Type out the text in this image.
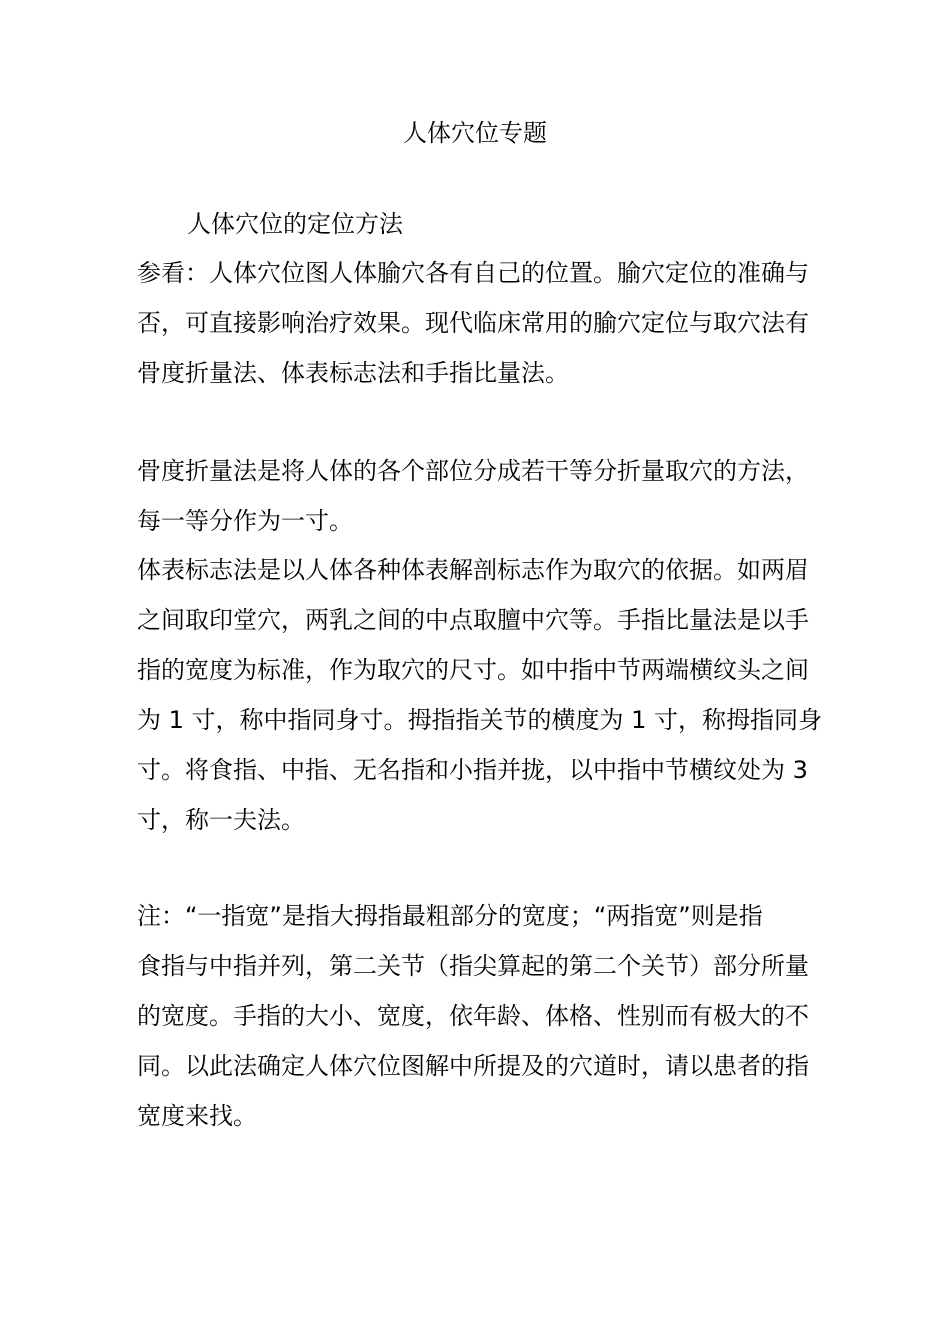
人体穴位专题
人体穴位的定位方法
参看：人体穴位图人体腧穴各有自己的位置。腧穴定位的准确与
否，可直接影响治疗效果。现代临床常用的腧穴定位与取穴法有
骨度折量法、体表标志法和手指比量法。
骨度折量法是将人体的各个部位分成若干等分折量取穴的方法，
每一等分作为一寸。
体表标志法是以人体各种体表解剖标志作为取穴的依据。如两眉
之间取印堂穴，两乳之间的中点取膻中穴等。手指比量法是以手
指的宽度为标准，作为取穴的尺寸。如中指中节两端横纹头之间
为 1 寸，称中指同身寸。拇指指关节的横度为 1 寸，称拇指同身
寸。将食指、中指、无名指和小指并拢，以中指中节横纹处为 3
寸，称一夫法。
注：“一指宽”是指大拇指最粗部分的宽度；“两指宽”则是指
食指与中指并列，第二关节（指尖算起的第二个关节）部分所量
的宽度。手指的大小、宽度，依年龄、体格、性别而有极大的不
同。以此法确定人体穴位图解中所提及的穴道时，请以患者的指
宽度来找。
